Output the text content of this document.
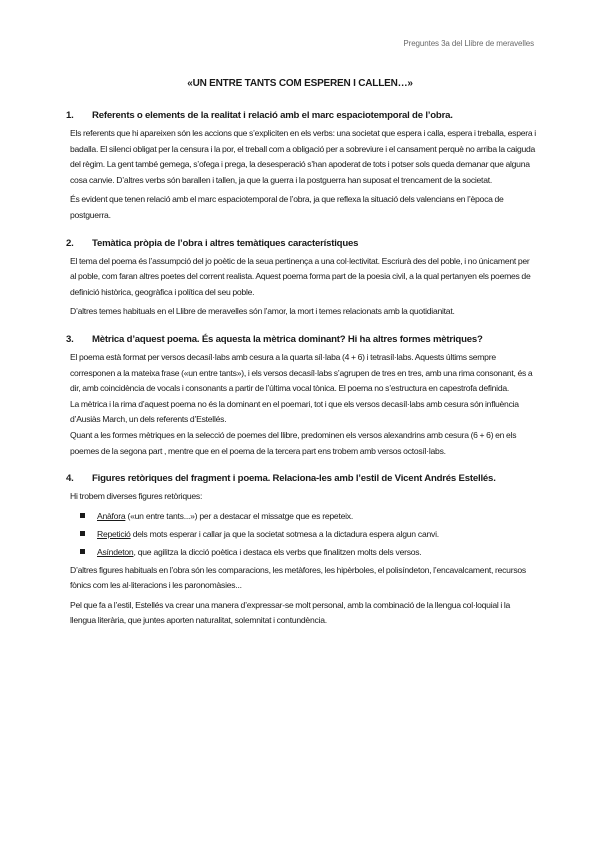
Preguntes 3a del Llibre de meravelles
«UN ENTRE TANTS COM ESPEREN I CALLEN…»
1.	Referents o elements de la realitat i relació amb el marc espaciotemporal de l’obra.

Els referents que hi apareixen són les accions que s’expliciten en els verbs: una societat que espera i calla, espera i treballa, espera i badalla. El silenci obligat per la censura i la por, el treball com a obligació per a sobreviure i el cansament perquè no arriba la caiguda del règim. La gent també gemega, s’ofega i prega, la desesperació s’han apoderat de tots i potser sols queda demanar que alguna cosa canvie. D’altres verbs són barallen i tallen, ja que la guerra i la postguerra han suposat el trencament de la societat.

És evident que tenen relació amb el marc espaciotemporal de l’obra, ja que reflexa la situació dels valencians en l’època de postguerra.

2.	Temàtica pròpia de l’obra i altres temàtiques característiques

El tema del poema és l’assumpció del jo poètic de la seua pertinença a una col·lectivitat. Escriurà des del poble, i no únicament per al poble, com faran altres poetes del corrent realista. Aquest poema forma part de la poesia civil, a la qual pertanyen els poemes de definició històrica, geogràfica i política del seu poble.

D’altres temes habituals en el Llibre de meravelles són l’amor, la mort i temes relacionats amb la quotidianitat.

3.	Mètrica d’aquest poema. És aquesta la mètrica dominant? Hi ha altres formes mètriques?

El poema està format per versos decasíl·labs amb cesura a la quarta síl·laba (4 + 6) i tetrasíl·labs. Aquests últims sempre corresponen a la mateixa frase («un entre tants»), i els versos decasíl·labs s’agrupen de tres en tres, amb una rima consonant, és a dir, amb coincidència de vocals i consonants a partir de l’última vocal tònica. El poema no s’estructura en capestrofa definida.

La mètrica i la rima d’aquest poema no és la dominant en el poemari, tot i que els versos decasíl·labs amb cesura són influència d’Ausiàs March, un dels referents d’Estellés.

Quant a les formes mètriques en la selecció de poemes del llibre, predominen els versos alexandrins amb cesura (6 + 6) en els poemes de la segona part , mentre que en el poema de la tercera part ens trobem amb versos octosíl·labs.

4.	Figures retòriques del fragment i poema. Relaciona-les amb l’estil de Vicent Andrés Estellés.

Hi trobem diverses figures retòriques:

Anàfora («un entre tants...») per a destacar el missatge que es repeteix.
Repetició dels mots esperar i callar ja que la societat sotmesa a la dictadura espera algun canvi.
Asíndeton, que agilitza la dicció poètica i destaca els verbs que finalitzen molts dels versos.

D’altres figures habituals en l’obra són les comparacions, les metàfores, les hipèrboles, el polisíndeton, l’encavalcament, recursos fònics com les al·literacions i les paronomàsies...

Pel que fa a l’estil, Estellés va crear una manera d’expressar-se molt personal, amb la combinació de la llengua col·loquial i la llengua literària, que juntes aporten naturalitat, solemnitat i contundència.
